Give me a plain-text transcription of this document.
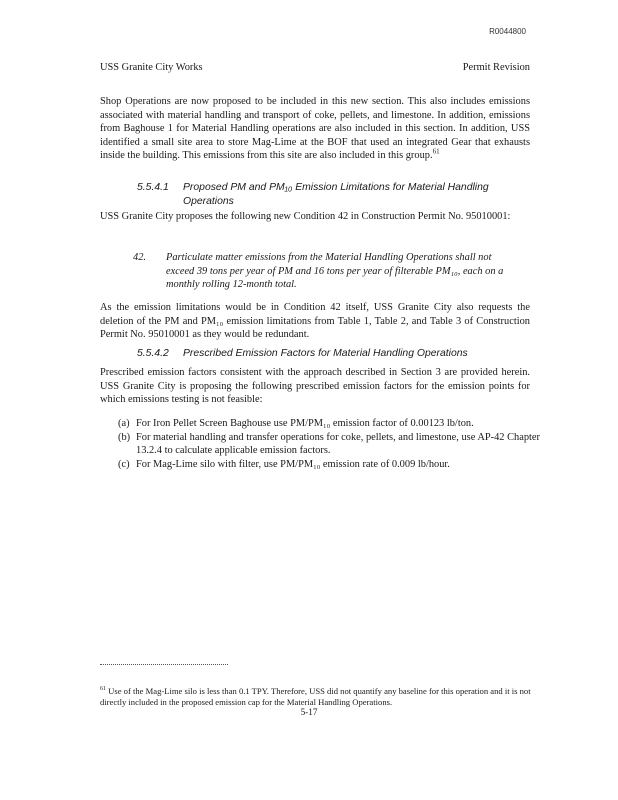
R0044800
USS Granite City Works	Permit Revision
Shop Operations are now proposed to be included in this new section. This also includes emissions associated with material handling and transport of coke, pellets, and limestone. In addition, emissions from Baghouse 1 for Material Handling operations are also included in this section. In addition, USS identified a small site area to store Mag-Lime at the BOF that used an integrated Gear that exhausts inside the building. This emissions from this site are also included in this group.$^{61}$
5.5.4.1 Proposed PM and PM₁₀ Emission Limitations for Material Handling
Operations
USS Granite City proposes the following new Condition 42 in Construction Permit No. 95010001:
42. Particulate matter emissions from the Material Handling Operations shall not exceed 39 tons per year of PM and 16 tons per year of filterable PM₁₀, each on a monthly rolling 12-month total.
As the emission limitations would be in Condition 42 itself, USS Granite City also requests the deletion of the PM and PM₁₀ emission limitations from Table 1, Table 2, and Table 3 of Construction Permit No. 95010001 as they would be redundant.
5.5.4.2 Prescribed Emission Factors for Material Handling Operations
Prescribed emission factors consistent with the approach described in Section 3 are provided herein. USS Granite City is proposing the following prescribed emission factors for the emission points for which emissions testing is not feasible:
(a) For Iron Pellet Screen Baghouse use PM/PM₁₀ emission factor of 0.00123 lb/ton.
(b) For material handling and transfer operations for coke, pellets, and limestone, use AP-42 Chapter 13.2.4 to calculate applicable emission factors.
(c) For Mag-Lime silo with filter, use PM/PM₁₀ emission rate of 0.009 lb/hour.
$^{61}$ Use of the Mag-Lime silo is less than 0.1 TPY. Therefore, USS did not quantify any baseline for this operation and it is not directly included in the proposed emission cap for the Material Handling Operations.
5-17
